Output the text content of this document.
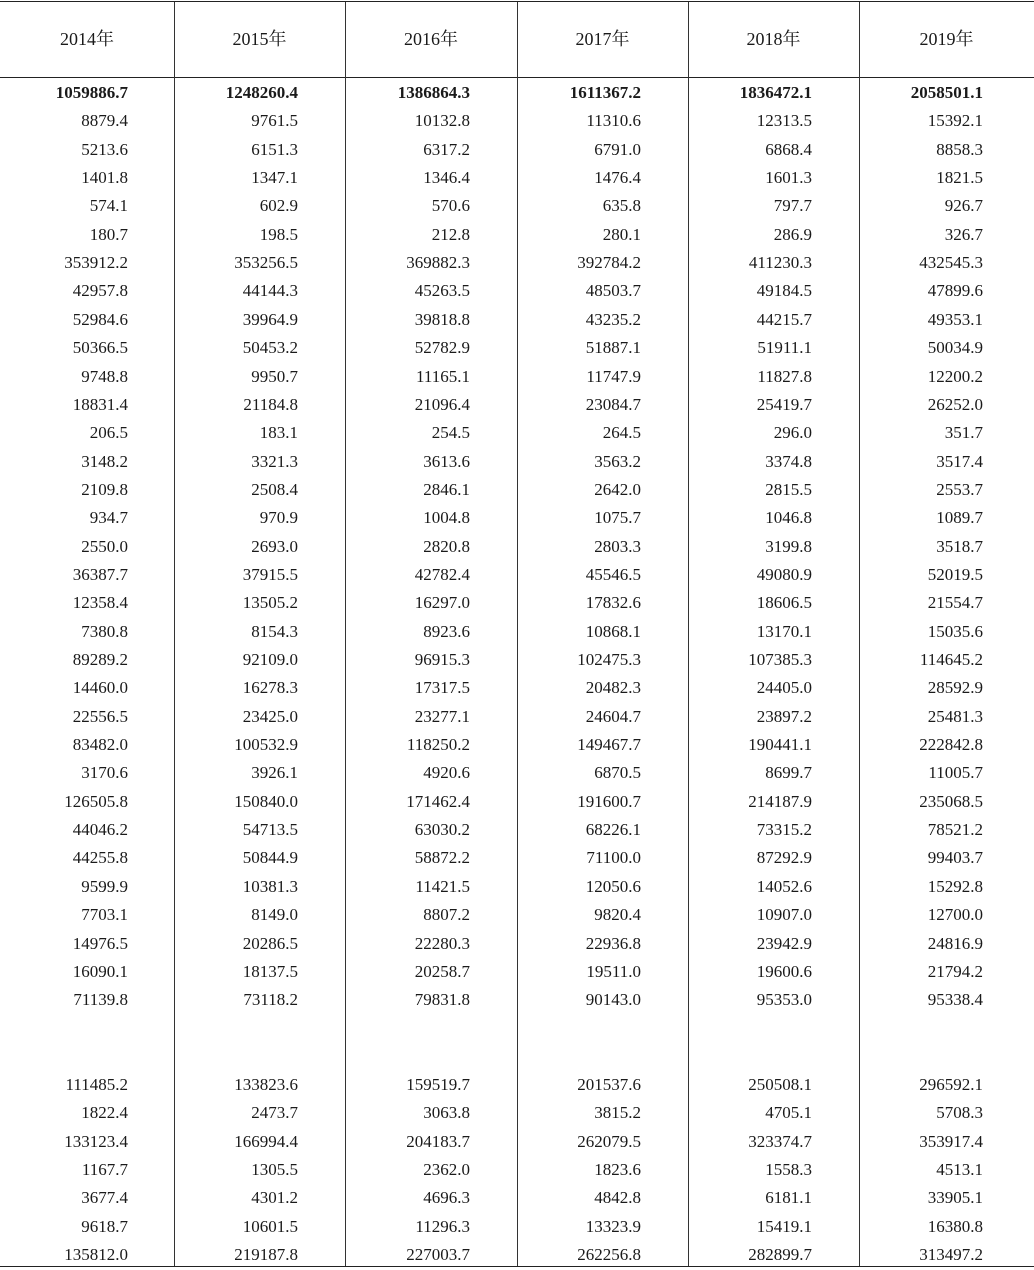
2014年	2015年	2016年	2017年	2018年	2019年
1059886.7	1248260.4	1386864.3	1611367.2	1836472.1	2058501.1
8879.4	9761.5	10132.8	11310.6	12313.5	15392.1
5213.6	6151.3	6317.2	6791.0	6868.4	8858.3
1401.8	1347.1	1346.4	1476.4	1601.3	1821.5
574.1	602.9	570.6	635.8	797.7	926.7
180.7	198.5	212.8	280.1	286.9	326.7
353912.2	353256.5	369882.3	392784.2	411230.3	432545.3
42957.8	44144.3	45263.5	48503.7	49184.5	47899.6
52984.6	39964.9	39818.8	43235.2	44215.7	49353.1
50366.5	50453.2	52782.9	51887.1	51911.1	50034.9
9748.8	9950.7	11165.1	11747.9	11827.8	12200.2
18831.4	21184.8	21096.4	23084.7	25419.7	26252.0
206.5	183.1	254.5	264.5	296.0	351.7
3148.2	3321.3	3613.6	3563.2	3374.8	3517.4
2109.8	2508.4	2846.1	2642.0	2815.5	2553.7
934.7	970.9	1004.8	1075.7	1046.8	1089.7
2550.0	2693.0	2820.8	2803.3	3199.8	3518.7
36387.7	37915.5	42782.4	45546.5	49080.9	52019.5
12358.4	13505.2	16297.0	17832.6	18606.5	21554.7
7380.8	8154.3	8923.6	10868.1	13170.1	15035.6
89289.2	92109.0	96915.3	102475.3	107385.3	114645.2
14460.0	16278.3	17317.5	20482.3	24405.0	28592.9
22556.5	23425.0	23277.1	24604.7	23897.2	25481.3
83482.0	100532.9	118250.2	149467.7	190441.1	222842.8
3170.6	3926.1	4920.6	6870.5	8699.7	11005.7
126505.8	150840.0	171462.4	191600.7	214187.9	235068.5
44046.2	54713.5	63030.2	68226.1	73315.2	78521.2
44255.8	50844.9	58872.2	71100.0	87292.9	99403.7
9599.9	10381.3	11421.5	12050.6	14052.6	15292.8
7703.1	8149.0	8807.2	9820.4	10907.0	12700.0
14976.5	20286.5	22280.3	22936.8	23942.9	24816.9
16090.1	18137.5	20258.7	19511.0	19600.6	21794.2
71139.8	73118.2	79831.8	90143.0	95353.0	95338.4
111485.2	133823.6	159519.7	201537.6	250508.1	296592.1
1822.4	2473.7	3063.8	3815.2	4705.1	5708.3
133123.4	166994.4	204183.7	262079.5	323374.7	353917.4
1167.7	1305.5	2362.0	1823.6	1558.3	4513.1
3677.4	4301.2	4696.3	4842.8	6181.1	33905.1
9618.7	10601.5	11296.3	13323.9	15419.1	16380.8
135812.0	219187.8	227003.7	262256.8	282899.7	313497.2
